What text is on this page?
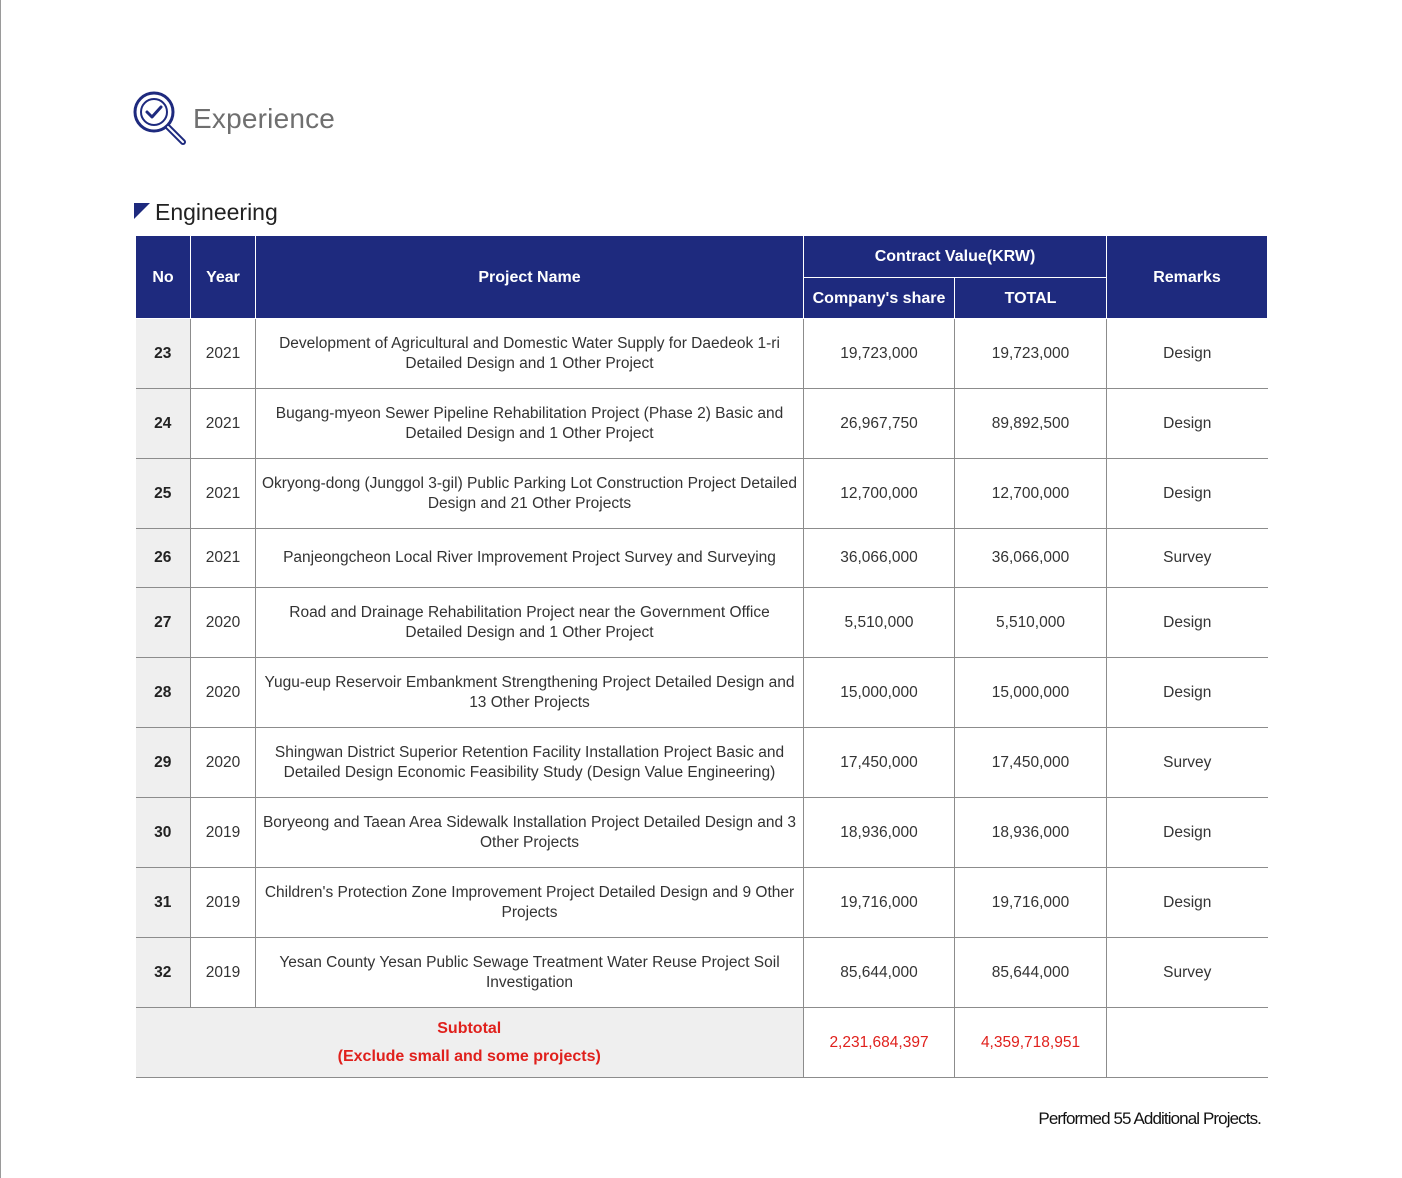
Experience
Engineering
No	Year	Project Name	Contract Value(KRW)		Remarks
			Company's share	TOTAL	
23	2021	Development of Agricultural and Domestic Water Supply for Daedeok 1-ri Detailed Design and 1 Other Project	19,723,000	19,723,000	Design
24	2021	Bugang-myeon Sewer Pipeline Rehabilitation Project (Phase 2) Basic and Detailed Design and 1 Other Project	26,967,750	89,892,500	Design
25	2021	Okryong-dong (Junggol 3-gil) Public Parking Lot Construction Project Detailed Design and 21 Other Projects	12,700,000	12,700,000	Design
26	2021	Panjeongcheon Local River Improvement Project Survey and Surveying	36,066,000	36,066,000	Survey
27	2020	Road and Drainage Rehabilitation Project near the Government Office Detailed Design and 1 Other Project	5,510,000	5,510,000	Design
28	2020	Yugu-eup Reservoir Embankment Strengthening Project Detailed Design and 13 Other Projects	15,000,000	15,000,000	Design
29	2020	Shingwan District Superior Retention Facility Installation Project Basic and Detailed Design Economic Feasibility Study (Design Value Engineering)	17,450,000	17,450,000	Survey
30	2019	Boryeong and Taean Area Sidewalk Installation Project Detailed Design and 3 Other Projects	18,936,000	18,936,000	Design
31	2019	Children's Protection Zone Improvement Project Detailed Design and 9 Other Projects	19,716,000	19,716,000	Design
32	2019	Yesan County Yesan Public Sewage Treatment Water Reuse Project Soil Investigation	85,644,000	85,644,000	Survey

Subtotal
(Exclude small and some projects)			2,231,684,397	4,359,718,951	
Performed 55 Additional Projects.
